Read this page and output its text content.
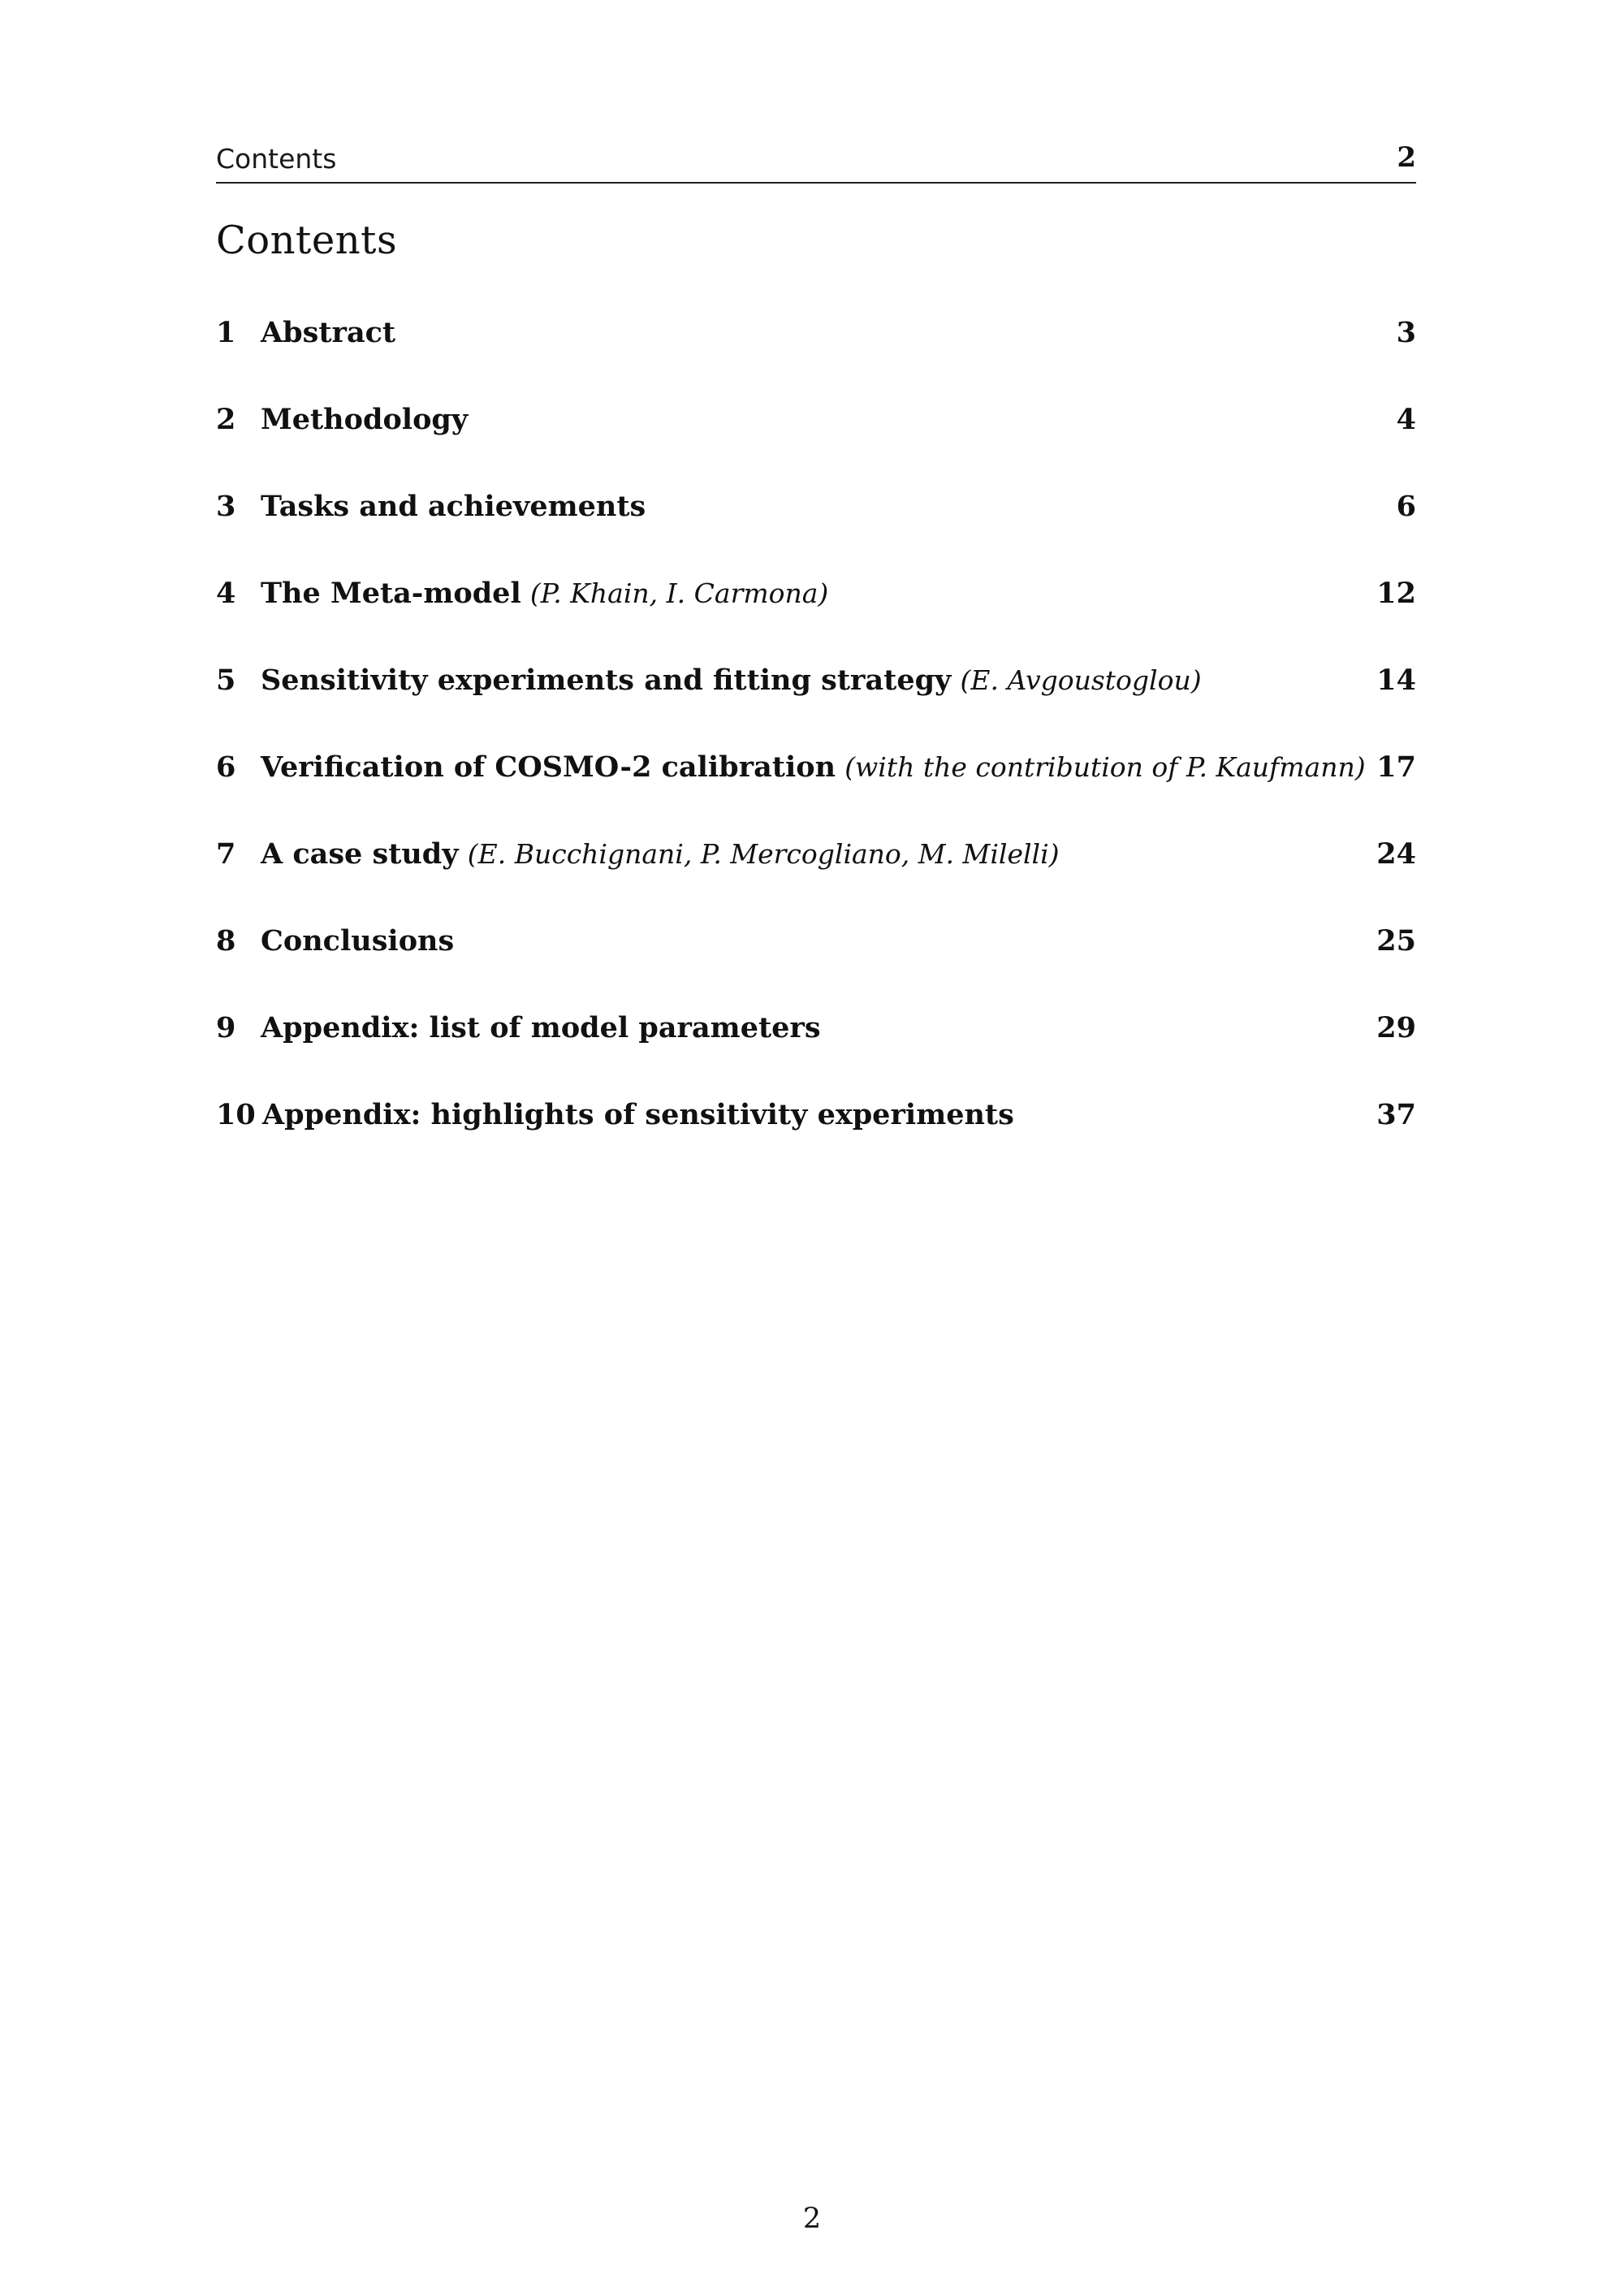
Contents	2
Contents
1 Abstract	3
2 Methodology	4
3 Tasks and achievements	6
4 The Meta-model (P. Khain, I. Carmona)	12
5 Sensitivity experiments and fitting strategy (E. Avgoustoglou)	14
6 Verification of COSMO-2 calibration (with the contribution of P. Kaufmann) 17
7 A case study (E. Bucchignani, P. Mercogliano, M. Milelli)	24
8 Conclusions	25
9 Appendix: list of model parameters	29
10 Appendix: highlights of sensitivity experiments	37
2
